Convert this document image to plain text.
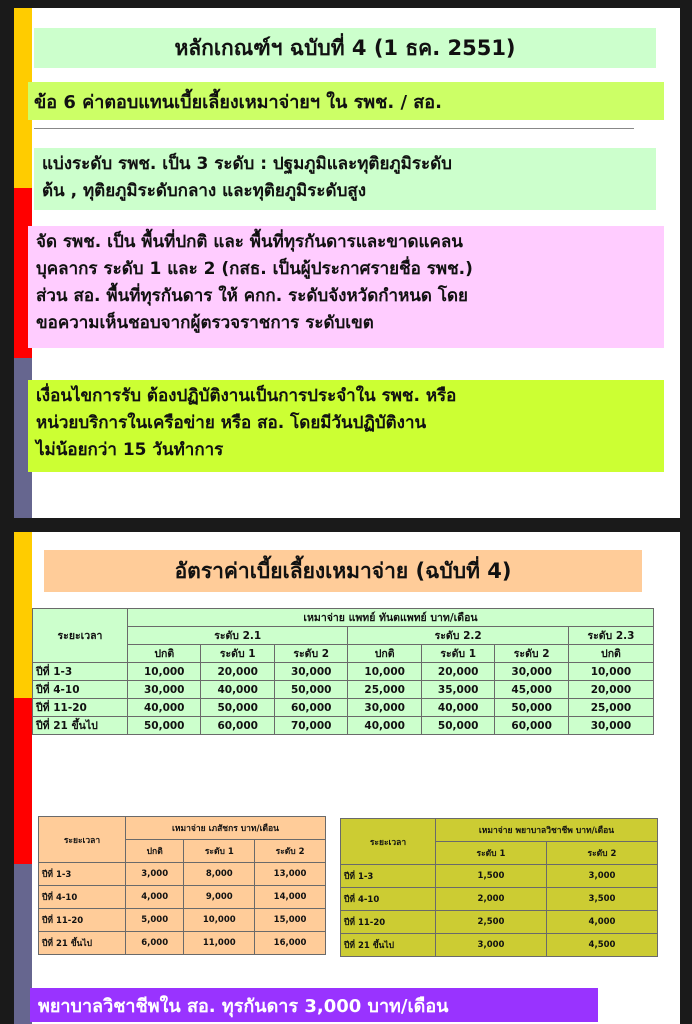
หลักเกณฑ์ฯ ฉบับที่ 4 (1 ธค. 2551)
ข้อ 6 ค่าตอบแทนเบี้ยเลี้ยงเหมาจ่ายฯ ใน รพช. / สอ.
แบ่งระดับ รพช. เป็น 3 ระดับ : ปฐมภูมิและทุติยภูมิระดับ
ต้น , ทุติยภูมิระดับกลาง และทุติยภูมิระดับสูง
จัด รพช. เป็น พื้นที่ปกติ และ พื้นที่ทุรกันดารและขาดแคลน
บุคลากร ระดับ 1 และ 2 (กสธ. เป็นผู้ประกาศรายชื่อ รพช.)
ส่วน สอ. พื้นที่ทุรกันดาร ให้ คกก. ระดับจังหวัดกำหนด โดย
ขอความเห็นชอบจากผู้ตรวจราชการ ระดับเขต
เงื่อนไขการรับ ต้องปฏิบัติงานเป็นการประจำใน รพช. หรือ
หน่วยบริการในเครือข่าย หรือ สอ. โดยมีวันปฏิบัติงาน
ไม่น้อยกว่า 15 วันทำการ
อัตราค่าเบี้ยเลี้ยงเหมาจ่าย (ฉบับที่ 4)
ระยะเวลา	เหมาจ่าย แพทย์ ทันตแพทย์ บาท/เดือน						
	ระดับ 2.1			ระดับ 2.2			ระดับ 2.3
	ปกติ	ระดับ 1	ระดับ 2	ปกติ	ระดับ 1	ระดับ 2	ปกติ
ปีที่ 1-3	10,000	20,000	30,000	10,000	20,000	30,000	10,000
ปีที่ 4-10	30,000	40,000	50,000	25,000	35,000	45,000	20,000
ปีที่ 11-20	40,000	50,000	60,000	30,000	40,000	50,000	25,000
ปีที่ 21 ขึ้นไป	50,000	60,000	70,000	40,000	50,000	60,000	30,000
ระยะเวลา	เหมาจ่าย เภสัชกร บาท/เดือน		
	ปกติ	ระดับ 1	ระดับ 2
ปีที่ 1-3	3,000	8,000	13,000
ปีที่ 4-10	4,000	9,000	14,000
ปีที่ 11-20	5,000	10,000	15,000
ปีที่ 21 ขึ้นไป	6,000	11,000	16,000
ระยะเวลา	เหมาจ่าย พยาบาลวิชาชีพ บาท/เดือน	
	ระดับ 1	ระดับ 2
ปีที่ 1-3	1,500	3,000
ปีที่ 4-10	2,000	3,500
ปีที่ 11-20	2,500	4,000
ปีที่ 21 ขึ้นไป	3,000	4,500
พยาบาลวิชาชีพใน สอ. ทุรกันดาร 3,000 บาท/เดือน
